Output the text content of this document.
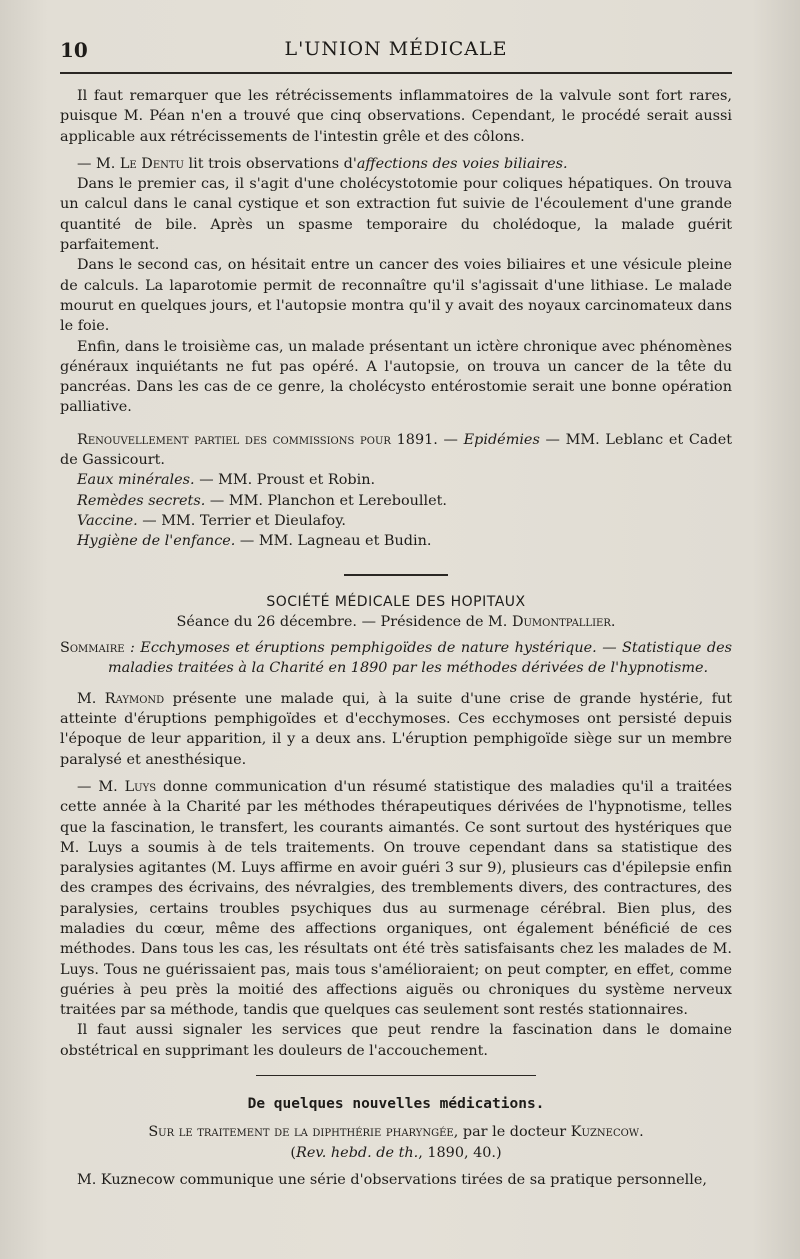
10	L'UNION MÉDICALE

Il faut remarquer que les rétrécissements inflammatoires de la valvule sont fort rares, puisque M. Péan n'en a trouvé que cinq observations. Cependant, le procédé serait aussi applicable aux rétrécissements de l'intestin grêle et des côlons.

— M. Le Dentu lit trois observations d'affections des voies biliaires.

Dans le premier cas, il s'agit d'une cholécystotomie pour coliques hépatiques. On trouva un calcul dans le canal cystique et son extraction fut suivie de l'écoulement d'une grande quantité de bile. Après un spasme temporaire du cholédoque, la malade guérit parfaitement.

Dans le second cas, on hésitait entre un cancer des voies biliaires et une vésicule pleine de calculs. La laparotomie permit de reconnaître qu'il s'agissait d'une lithiase. Le malade mourut en quelques jours, et l'autopsie montra qu'il y avait des noyaux carcinomateux dans le foie.

Enfin, dans le troisième cas, un malade présentant un ictère chronique avec phénomènes généraux inquiétants ne fut pas opéré. A l'autopsie, on trouva un cancer de la tête du pancréas. Dans les cas de ce genre, la cholécysto entérostomie serait une bonne opération palliative.

Renouvellement partiel des commissions pour 1891. — Epidémies — MM. Leblanc et Cadet de Gassicourt.

Eaux minérales. — MM. Proust et Robin.

Remèdes secrets. — MM. Planchon et Lereboullet.

Vaccine. — MM. Terrier et Dieulafoy.

Hygiène de l'enfance. — MM. Lagneau et Budin.

SOCIÉTÉ MÉDICALE DES HOPITAUX

Séance du 26 décembre. — Présidence de M. Dumontpallier.

Sommaire : Ecchymoses et éruptions pemphigoïdes de nature hystérique. — Statistique des maladies traitées à la Charité en 1890 par les méthodes dérivées de l'hypnotisme.

M. Raymond présente une malade qui, à la suite d'une crise de grande hystérie, fut atteinte d'éruptions pemphigoïdes et d'ecchymoses. Ces ecchymoses ont persisté depuis l'époque de leur apparition, il y a deux ans. L'éruption pemphigoïde siège sur un membre paralysé et anesthésique.

— M. Luys donne communication d'un résumé statistique des maladies qu'il a traitées cette année à la Charité par les méthodes thérapeutiques dérivées de l'hypnotisme, telles que la fascination, le transfert, les courants aimantés. Ce sont surtout des hystériques que M. Luys a soumis à de tels traitements. On trouve cependant dans sa statistique des paralysies agitantes (M. Luys affirme en avoir guéri 3 sur 9), plusieurs cas d'épilepsie enfin des crampes des écrivains, des névralgies, des tremblements divers, des contractures, des paralysies, certains troubles psychiques dus au surmenage cérébral. Bien plus, des maladies du cœur, même des affections organiques, ont également bénéficié de ces méthodes. Dans tous les cas, les résultats ont été très satisfaisants chez les malades de M. Luys. Tous ne guérissaient pas, mais tous s'amélioraient; on peut compter, en effet, comme guéries à peu près la moitié des affections aiguës ou chroniques du système nerveux traitées par sa méthode, tandis que quelques cas seulement sont restés stationnaires.

Il faut aussi signaler les services que peut rendre la fascination dans le domaine obstétrical en supprimant les douleurs de l'accouchement.

De quelques nouvelles médications.

Sur le traitement de la diphthérie pharyngée, par le docteur Kuznecow.

(Rev. hebd. de th., 1890, 40.)

M. Kuznecow communique une série d'observations tirées de sa pratique personnelle,
